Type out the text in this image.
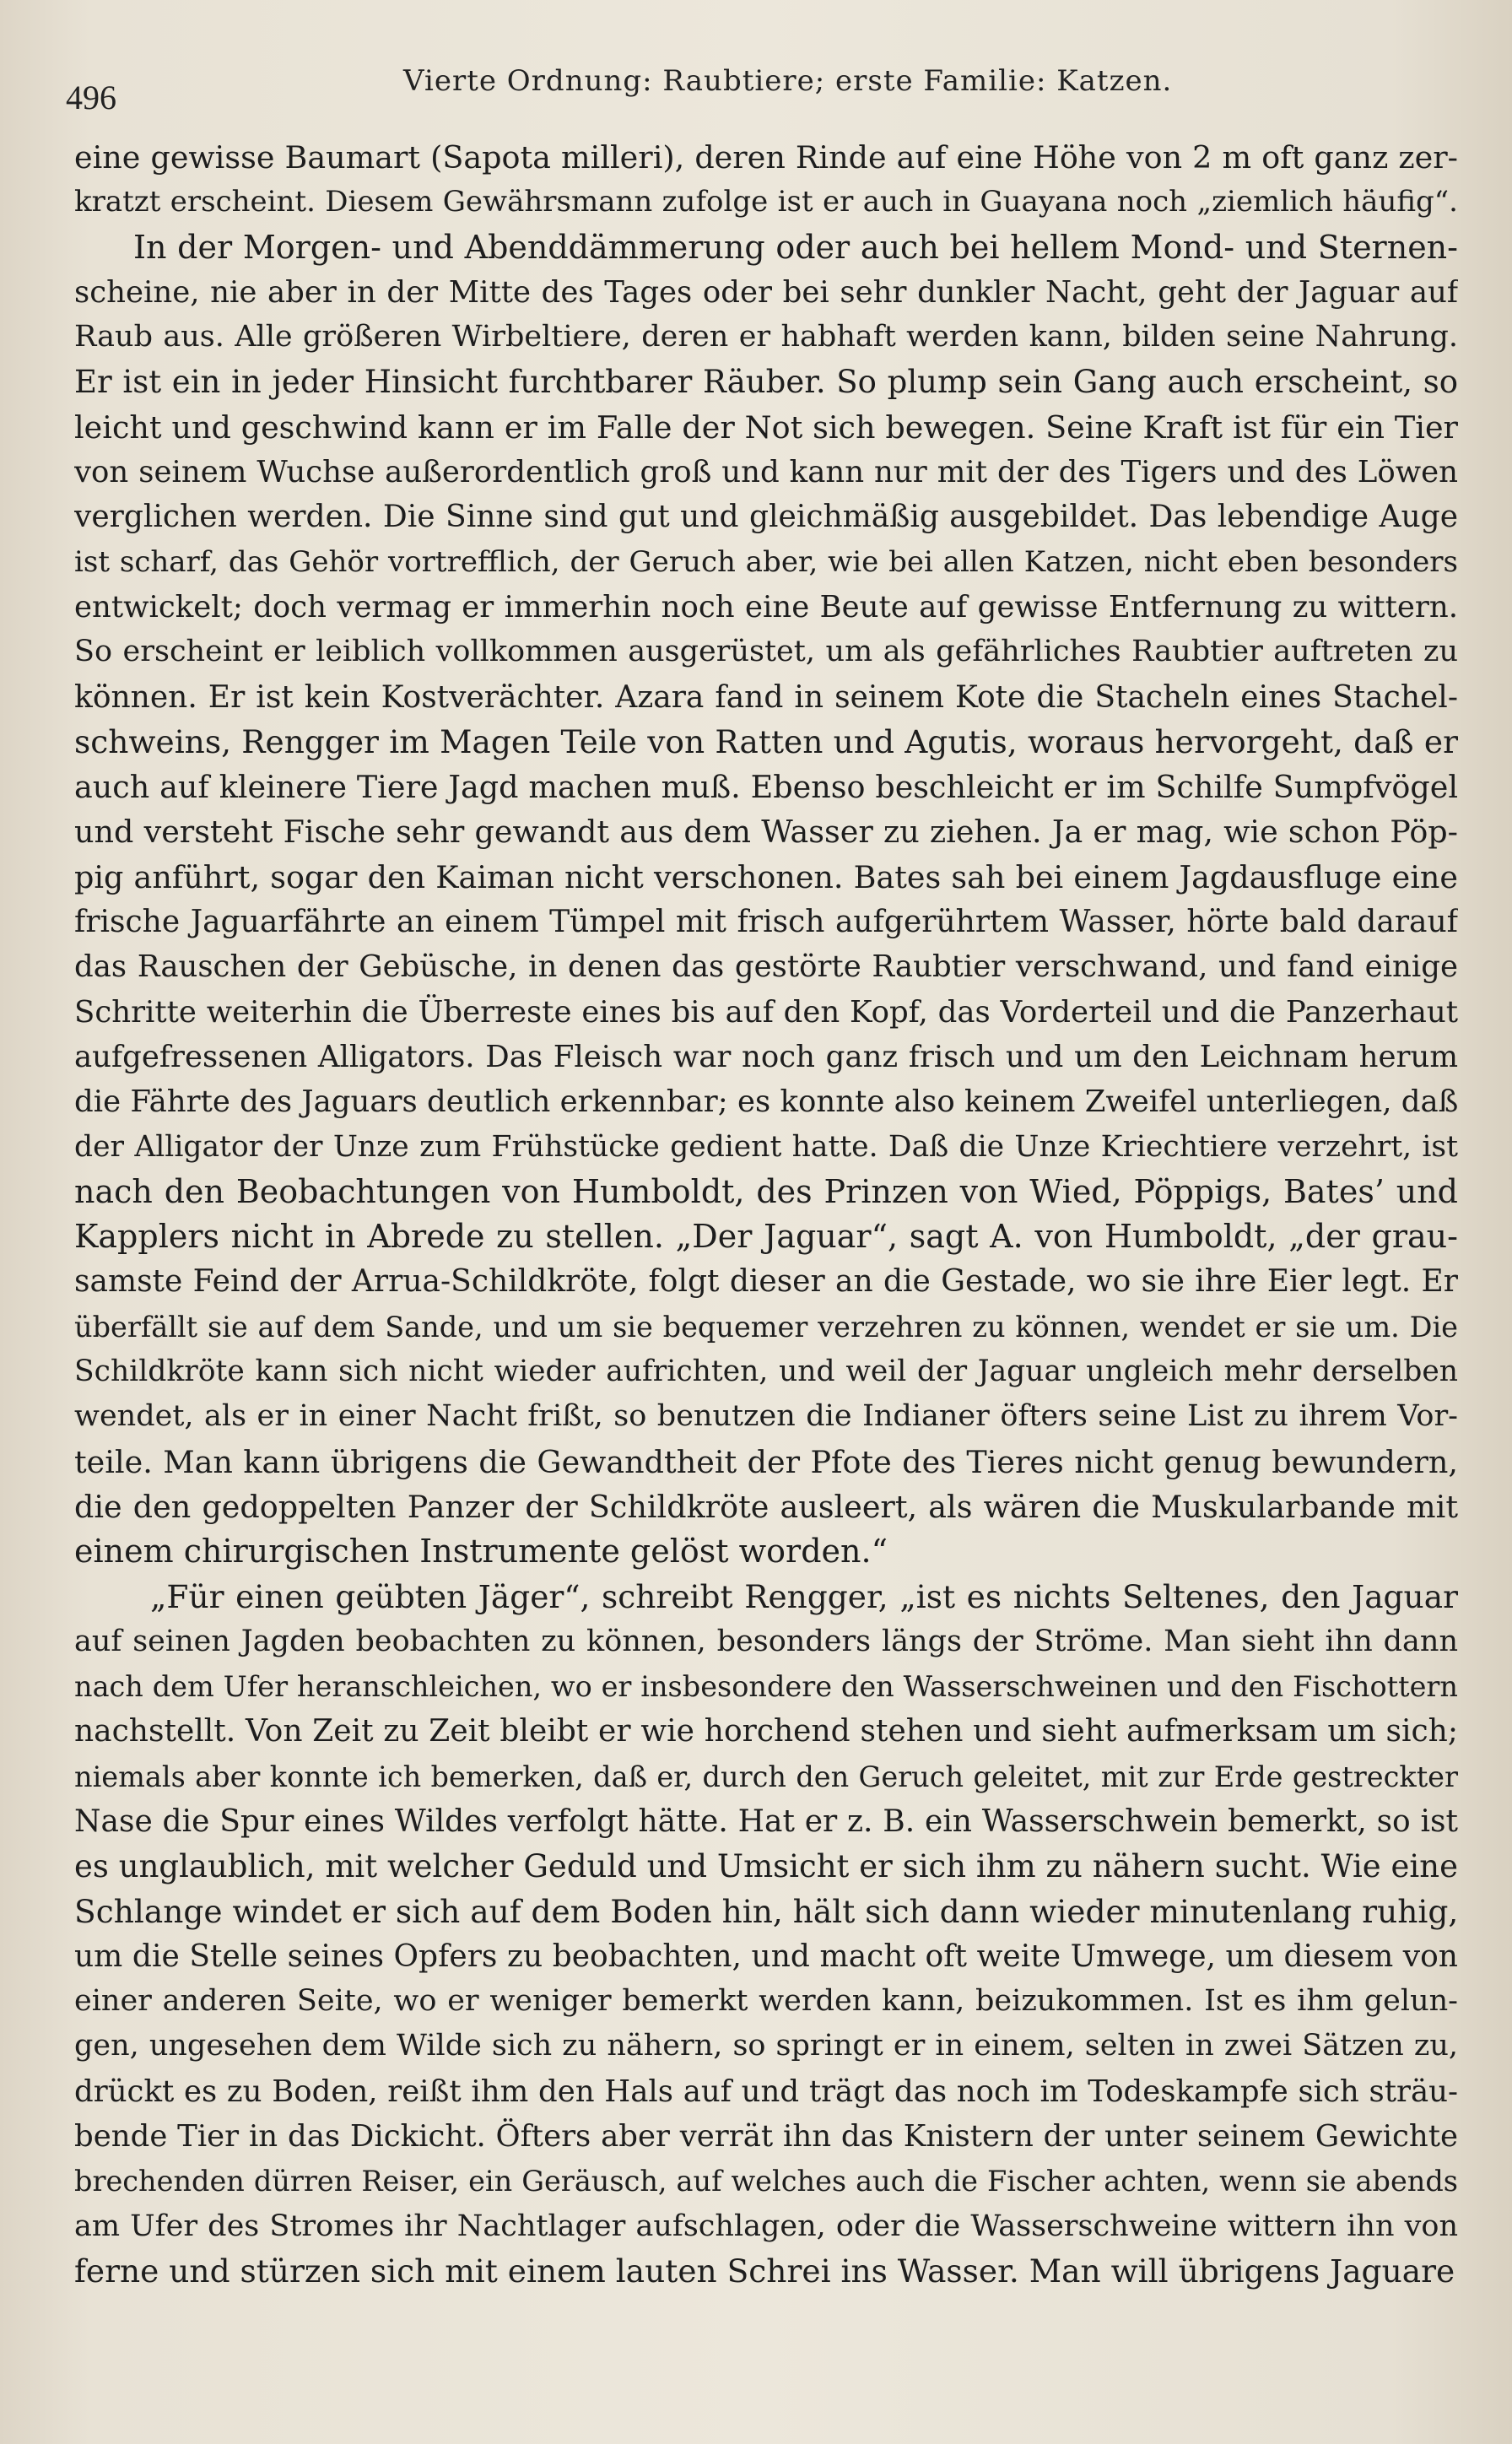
496	Vierte Ordnung: Raubtiere; erste Familie: Katzen.
eine gewisse Baumart (Sapota milleri), deren Rinde auf eine Höhe von 2 m oft ganz zer-
kratzt erscheint. Diesem Gewährsmann zufolge ist er auch in Guayana noch „ziemlich häufig“.
In der Morgen- und Abenddämmerung oder auch bei hellem Mond- und Sternen-
scheine, nie aber in der Mitte des Tages oder bei sehr dunkler Nacht, geht der Jaguar auf
Raub aus. Alle größeren Wirbeltiere, deren er habhaft werden kann, bilden seine Nahrung.
Er ist ein in jeder Hinsicht furchtbarer Räuber. So plump sein Gang auch erscheint, so
leicht und geschwind kann er im Falle der Not sich bewegen. Seine Kraft ist für ein Tier
von seinem Wuchse außerordentlich groß und kann nur mit der des Tigers und des Löwen
verglichen werden. Die Sinne sind gut und gleichmäßig ausgebildet. Das lebendige Auge
ist scharf, das Gehör vortrefflich, der Geruch aber, wie bei allen Katzen, nicht eben besonders
entwickelt; doch vermag er immerhin noch eine Beute auf gewisse Entfernung zu wittern.
So erscheint er leiblich vollkommen ausgerüstet, um als gefährliches Raubtier auftreten zu
können. Er ist kein Kostverächter. Azara fand in seinem Kote die Stacheln eines Stachel-
schweins, Rengger im Magen Teile von Ratten und Agutis, woraus hervorgeht, daß er
auch auf kleinere Tiere Jagd machen muß. Ebenso beschleicht er im Schilfe Sumpfvögel
und versteht Fische sehr gewandt aus dem Wasser zu ziehen. Ja er mag, wie schon Pöp-
pig anführt, sogar den Kaiman nicht verschonen. Bates sah bei einem Jagdausfluge eine
frische Jaguarfährte an einem Tümpel mit frisch aufgerührtem Wasser, hörte bald darauf
das Rauschen der Gebüsche, in denen das gestörte Raubtier verschwand, und fand einige
Schritte weiterhin die Überreste eines bis auf den Kopf, das Vorderteil und die Panzerhaut
aufgefressenen Alligators. Das Fleisch war noch ganz frisch und um den Leichnam herum
die Fährte des Jaguars deutlich erkennbar; es konnte also keinem Zweifel unterliegen, daß
der Alligator der Unze zum Frühstücke gedient hatte. Daß die Unze Kriechtiere verzehrt, ist
nach den Beobachtungen von Humboldt, des Prinzen von Wied, Pöppigs, Bates’ und
Kapplers nicht in Abrede zu stellen. „Der Jaguar“, sagt A. von Humboldt, „der grau-
samste Feind der Arrua-Schildkröte, folgt dieser an die Gestade, wo sie ihre Eier legt. Er
überfällt sie auf dem Sande, und um sie bequemer verzehren zu können, wendet er sie um. Die
Schildkröte kann sich nicht wieder aufrichten, und weil der Jaguar ungleich mehr derselben
wendet, als er in einer Nacht frißt, so benutzen die Indianer öfters seine List zu ihrem Vor-
teile. Man kann übrigens die Gewandtheit der Pfote des Tieres nicht genug bewundern,
die den gedoppelten Panzer der Schildkröte ausleert, als wären die Muskularbande mit
einem chirurgischen Instrumente gelöst worden.“
„Für einen geübten Jäger“, schreibt Rengger, „ist es nichts Seltenes, den Jaguar
auf seinen Jagden beobachten zu können, besonders längs der Ströme. Man sieht ihn dann
nach dem Ufer heranschleichen, wo er insbesondere den Wasserschweinen und den Fischottern
nachstellt. Von Zeit zu Zeit bleibt er wie horchend stehen und sieht aufmerksam um sich;
niemals aber konnte ich bemerken, daß er, durch den Geruch geleitet, mit zur Erde gestreckter
Nase die Spur eines Wildes verfolgt hätte. Hat er z. B. ein Wasserschwein bemerkt, so ist
es unglaublich, mit welcher Geduld und Umsicht er sich ihm zu nähern sucht. Wie eine
Schlange windet er sich auf dem Boden hin, hält sich dann wieder minutenlang ruhig,
um die Stelle seines Opfers zu beobachten, und macht oft weite Umwege, um diesem von
einer anderen Seite, wo er weniger bemerkt werden kann, beizukommen. Ist es ihm gelun-
gen, ungesehen dem Wilde sich zu nähern, so springt er in einem, selten in zwei Sätzen zu,
drückt es zu Boden, reißt ihm den Hals auf und trägt das noch im Todeskampfe sich sträu-
bende Tier in das Dickicht. Öfters aber verrät ihn das Knistern der unter seinem Gewichte
brechenden dürren Reiser, ein Geräusch, auf welches auch die Fischer achten, wenn sie abends
am Ufer des Stromes ihr Nachtlager aufschlagen, oder die Wasserschweine wittern ihn von
ferne und stürzen sich mit einem lauten Schrei ins Wasser. Man will übrigens Jaguare
